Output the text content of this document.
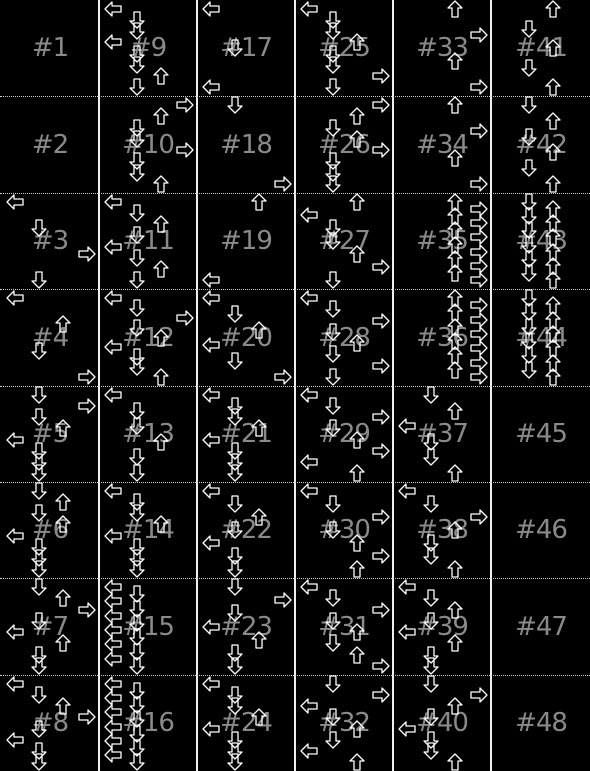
#1
#2
#3
#4
#5
#6
#7
#8
#9
#10
#11
#12
#13
#14
#15
#16
#17
#18
#19
#20
#21
#22
#23
#24
#25
#26
#27
#28
#29
#30
#31
#32
#33
#34
#35
#36
#37
#38
#39
#40
#41
#42
#43
#44
#45
#46
#47
#48
